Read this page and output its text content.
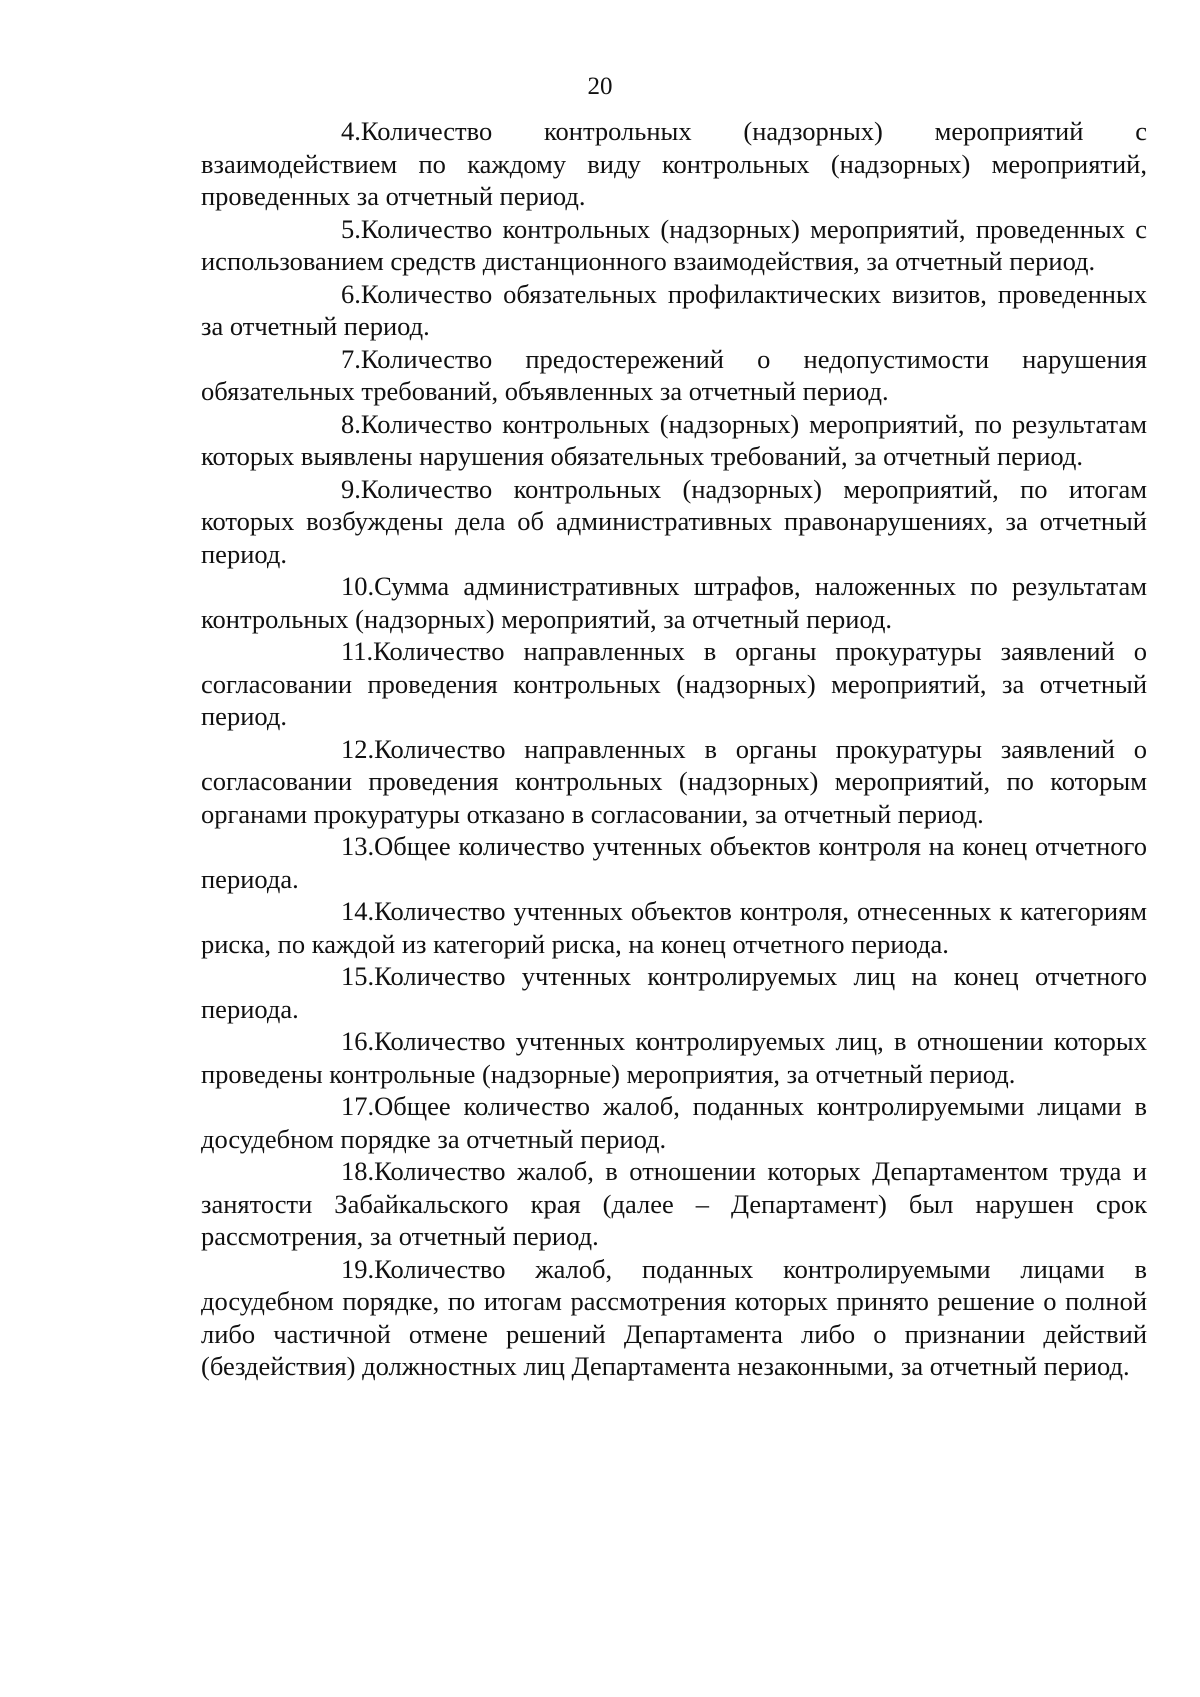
20

4.Количество контрольных (надзорных) мероприятий с взаимодействием по каждому виду контрольных (надзорных) мероприятий, проведенных за отчетный период.

5.Количество контрольных (надзорных) мероприятий, проведенных с использованием средств дистанционного взаимодействия, за отчетный период.

6.Количество обязательных профилактических визитов, проведенных за отчетный период.

7.Количество предостережений о недопустимости нарушения обязательных требований, объявленных за отчетный период.

8.Количество контрольных (надзорных) мероприятий, по результатам которых выявлены нарушения обязательных требований, за отчетный период.

9.Количество контрольных (надзорных) мероприятий, по итогам которых возбуждены дела об административных правонарушениях, за отчетный период.

10.Сумма административных штрафов, наложенных по результатам контрольных (надзорных) мероприятий, за отчетный период.

11.Количество направленных в органы прокуратуры заявлений о согласовании проведения контрольных (надзорных) мероприятий, за отчетный период.

12.Количество направленных в органы прокуратуры заявлений о согласовании проведения контрольных (надзорных) мероприятий, по которым органами прокуратуры отказано в согласовании, за отчетный период.

13.Общее количество учтенных объектов контроля на конец отчетного периода.

14.Количество учтенных объектов контроля, отнесенных к категориям риска, по каждой из категорий риска, на конец отчетного периода.

15.Количество учтенных контролируемых лиц на конец отчетного периода.

16.Количество учтенных контролируемых лиц, в отношении которых проведены контрольные (надзорные) мероприятия, за отчетный период.

17.Общее количество жалоб, поданных контролируемыми лицами в досудебном порядке за отчетный период.

18.Количество жалоб, в отношении которых Департаментом труда и занятости Забайкальского края (далее – Департамент) был нарушен срок рассмотрения, за отчетный период.

19.Количество жалоб, поданных контролируемыми лицами в досудебном порядке, по итогам рассмотрения которых принято решение о полной либо частичной отмене решений Департамента либо о признании действий (бездействия) должностных лиц Департамента незаконными, за отчетный период.
